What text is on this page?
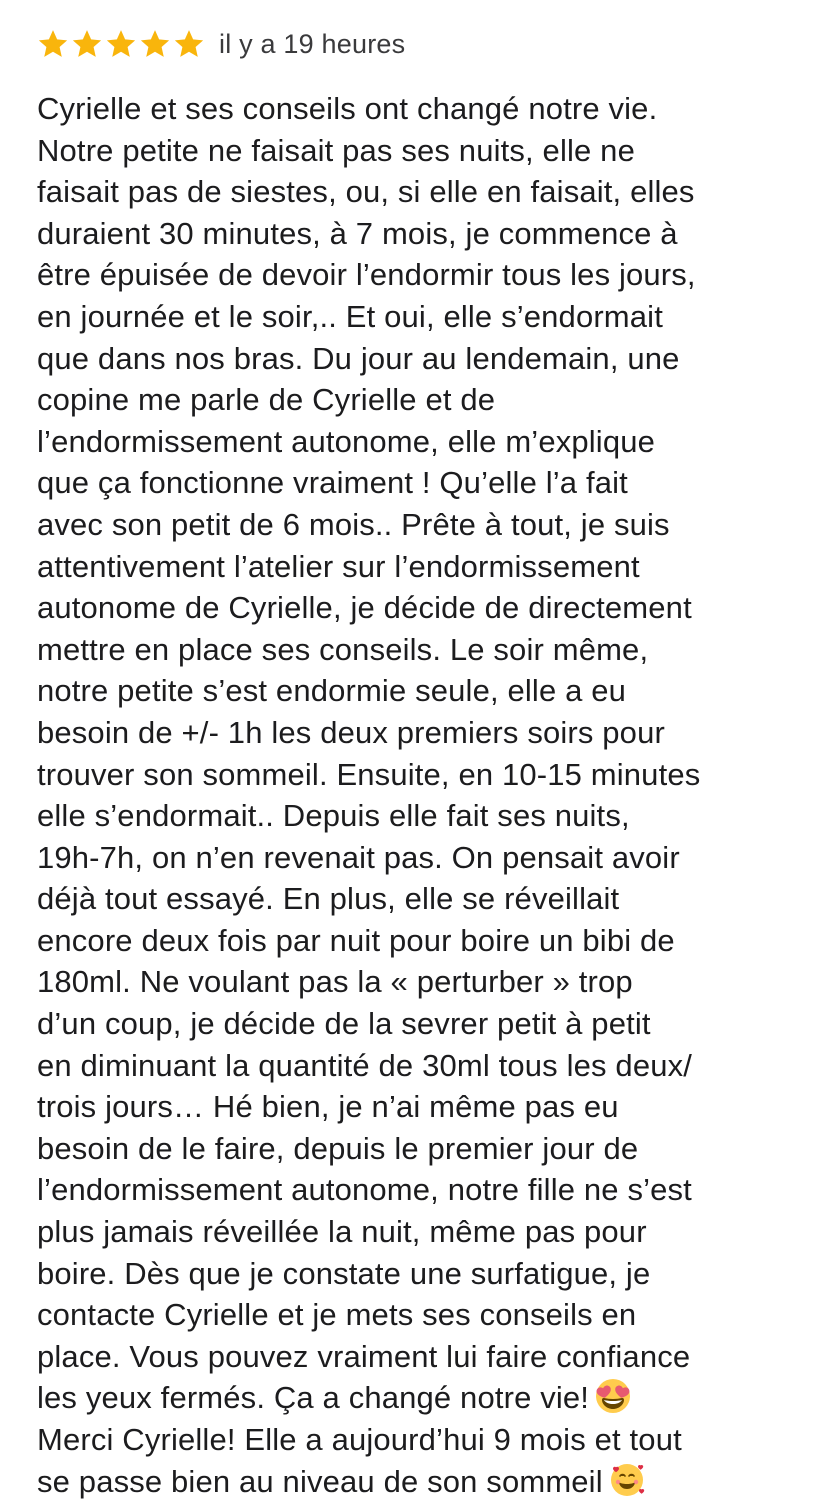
il y a 19 heures
Cyrielle et ses conseils ont changé notre vie.
Notre petite ne faisait pas ses nuits, elle ne
faisait pas de siestes, ou, si elle en faisait, elles
duraient 30 minutes, à 7 mois, je commence à
être épuisée de devoir l’endormir tous les jours,
en journée et le soir,.. Et oui, elle s’endormait
que dans nos bras. Du jour au lendemain, une
copine me parle de Cyrielle et de
l’endormissement autonome, elle m’explique
que ça fonctionne vraiment ! Qu’elle l’a fait
avec son petit de 6 mois.. Prête à tout, je suis
attentivement l’atelier sur l’endormissement
autonome de Cyrielle, je décide de directement
mettre en place ses conseils. Le soir même,
notre petite s’est endormie seule, elle a eu
besoin de +/- 1h les deux premiers soirs pour
trouver son sommeil. Ensuite, en 10-15 minutes
elle s’endormait.. Depuis elle fait ses nuits,
19h-7h, on n’en revenait pas. On pensait avoir
déjà tout essayé. En plus, elle se réveillait
encore deux fois par nuit pour boire un bibi de
180ml. Ne voulant pas la « perturber » trop
d’un coup, je décide de la sevrer petit à petit
en diminuant la quantité de 30ml tous les deux/
trois jours… Hé bien, je n’ai même pas eu
besoin de le faire, depuis le premier jour de
l’endormissement autonome, notre fille ne s’est
plus jamais réveillée la nuit, même pas pour
boire. Dès que je constate une surfatigue, je
contacte Cyrielle et je mets ses conseils en
place. Vous pouvez vraiment lui faire confiance
les yeux fermés. Ça a changé notre vie!
Merci Cyrielle! Elle a aujourd’hui 9 mois et tout
se passe bien au niveau de son sommeil
